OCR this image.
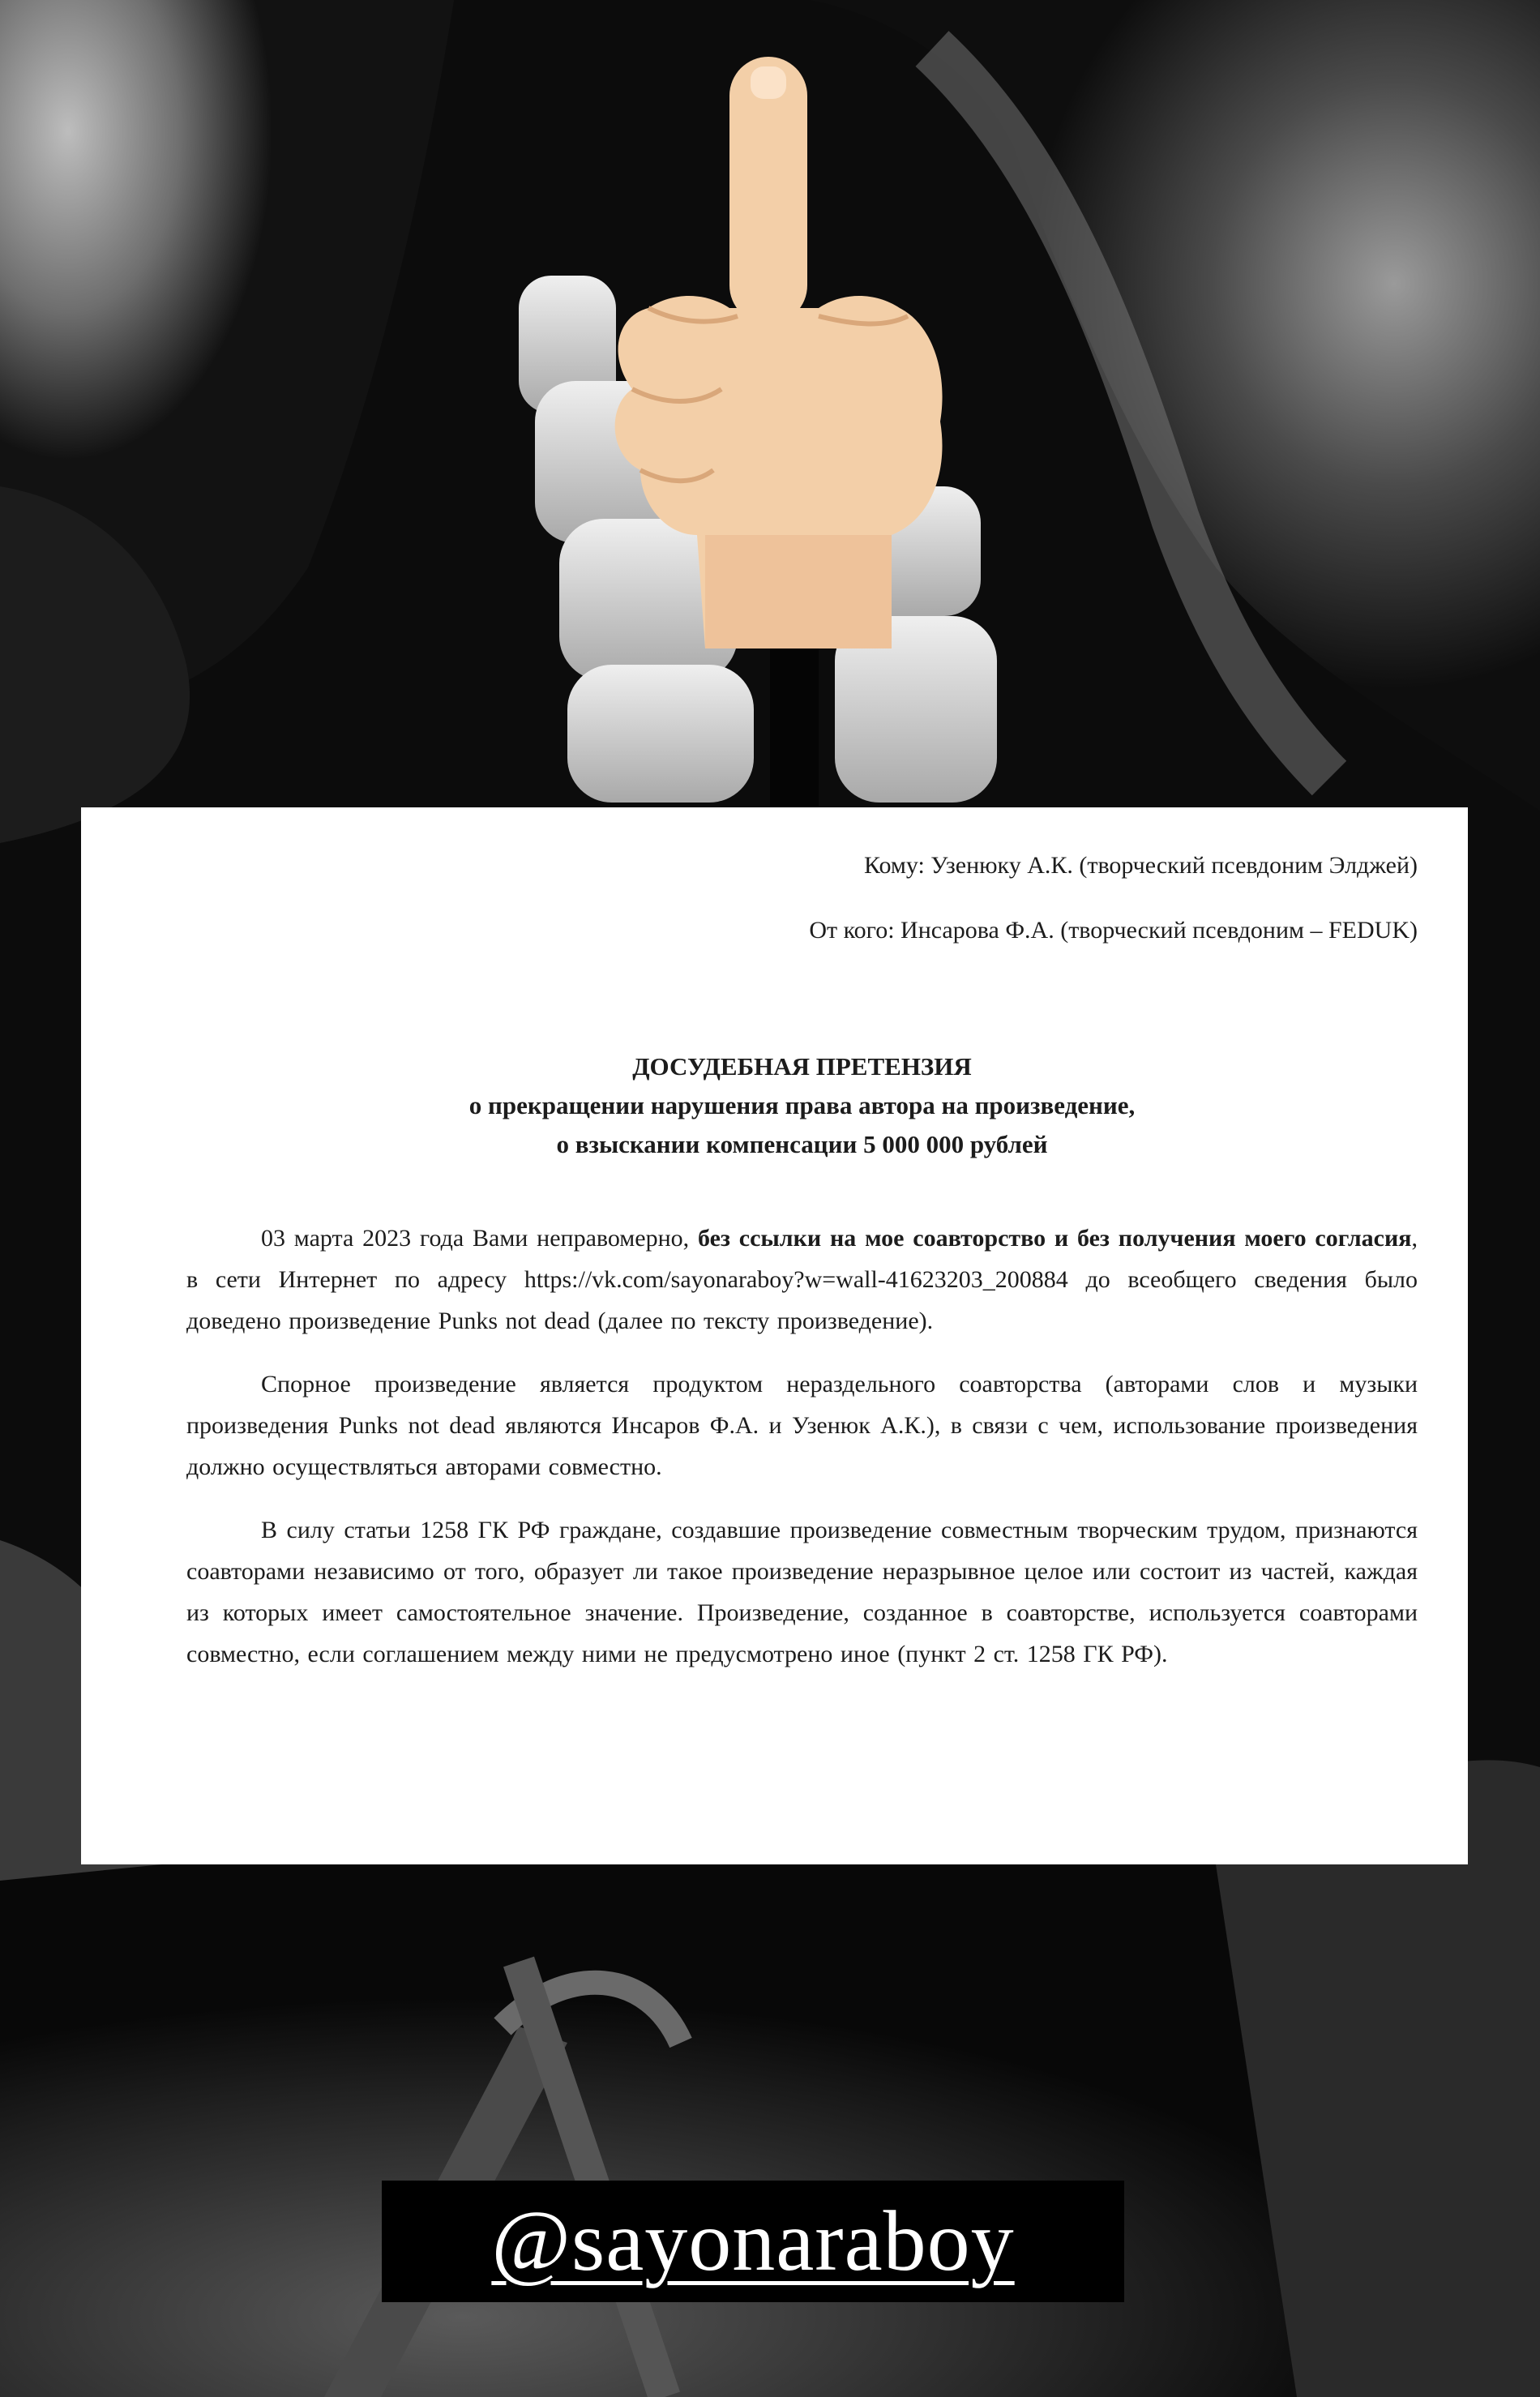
Кому: Узенюку А.К. (творческий псевдоним Элджей)

От кого: Инсарова Ф.А. (творческий псевдоним – FEDUK)

ДОСУДЕБНАЯ ПРЕТЕНЗИЯ
о прекращении нарушения права автора на произведение,
о взыскании компенсации 5 000 000 рублей

03 марта 2023 года Вами неправомерно, без ссылки на мое соавторство и без получения моего согласия, в сети Интернет по адресу https://vk.com/sayonaraboy?w=wall-41623203_200884 до всеобщего сведения было доведено произведение Punks not dead (далее по тексту произведение).

Спорное произведение является продуктом нераздельного соавторства (авторами слов и музыки произведения Punks not dead являются Инсаров Ф.А. и Узенюк А.К.), в связи с чем, использование произведения должно осуществляться авторами совместно.

В силу статьи 1258 ГК РФ граждане, создавшие произведение совместным творческим трудом, признаются соавторами независимо от того, образует ли такое произведение неразрывное целое или состоит из частей, каждая из которых имеет самостоятельное значение. Произведение, созданное в соавторстве, используется соавторами совместно, если соглашением между ними не предусмотрено иное (пункт 2 ст. 1258 ГК РФ).

@sayonaraboy
